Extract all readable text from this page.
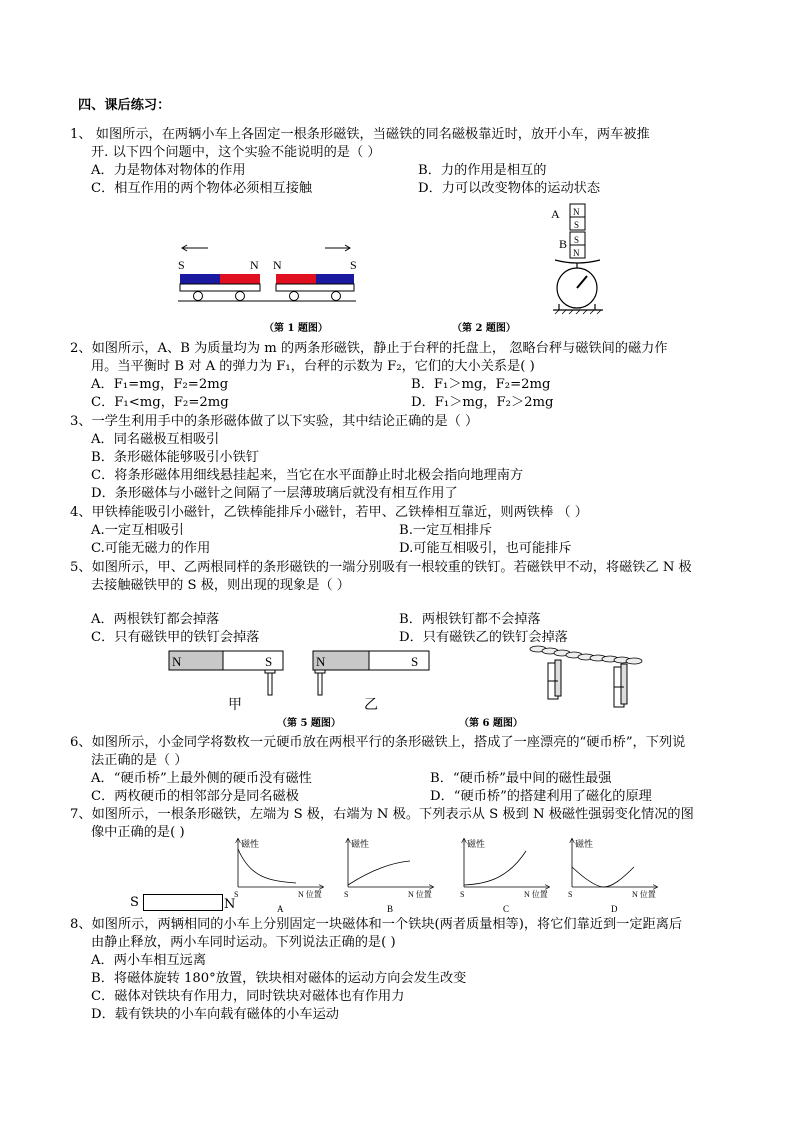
四、课后练习：
1、 如图所示，在两辆小车上各固定一根条形磁铁，当磁铁的同名磁极靠近时，放开小车，两车被推
开. 以下四个问题中，这个实验不能说明的是（ ）
A．力是物体对物体的作用	B．力的作用是相互的
C．相互作用的两个物体必须相互接触	D．力可以改变物体的运动状态
S	N N	S
（第 1 题图）
A
B
N
S
S
N
（第 2 题图）
2、如图所示，A、B 为质量均为 m 的两条形磁铁，静止于台秤的托盘上， 忽略台秤与磁铁间的磁力作
用。当平衡时 B 对 A 的弹力为 F₁，台秤的示数为 F₂，它们的大小关系是( )
A．F₁=mg，F₂=2mg	B．F₁＞mg，F₂=2mg
C．F₁<mg，F₂=2mg	D．F₁＞mg，F₂＞2mg
3、一学生利用手中的条形磁体做了以下实验，其中结论正确的是（ ）
A．同名磁极互相吸引
B．条形磁体能够吸引小铁钉
C．将条形磁体用细线悬挂起来，当它在水平面静止时北极会指向地理南方
D．条形磁体与小磁针之间隔了一层薄玻璃后就没有相互作用了
4、甲铁棒能吸引小磁针，乙铁棒能排斥小磁针，若甲、乙铁棒相互靠近，则两铁棒 （ ）
A.一定互相吸引	B.一定互相排斥
C.可能无磁力的作用	D.可能互相吸引，也可能排斥
5、如图所示，甲、乙两根同样的条形磁铁的一端分别吸有一根较重的铁钉。若磁铁甲不动，将磁铁乙 N 极
去接触磁铁甲的 S 极，则出现的现象是（ ）
A．两根铁钉都会掉落	B．两根铁钉都不会掉落
C．只有磁铁甲的铁钉会掉落	D．只有磁铁乙的铁钉会掉落
N	S	N	S
甲	乙
（第 5 题图）	（第 6 题图）
6、如图所示，小金同学将数枚一元硬币放在两根平行的条形磁铁上，搭成了一座漂亮的“硬币桥”，下列说
法正确的是（ ）
A．“硬币桥”上最外侧的硬币没有磁性	B．“硬币桥”最中间的磁性最强
C．两枚硬币的相邻部分是同名磁极	D．“硬币桥”的搭建利用了磁化的原理
7、如图所示，一根条形磁铁，左端为 S 极，右端为 N 极。下列表示从 S 极到 N 极磁性强弱变化情况的图
像中正确的是( )
S	N
磁性
S	N 位置
A
磁性
S	N 位置
B
磁性
S	N 位置
C
磁性
S	N 位置
D
8、如图所示，两辆相同的小车上分别固定一块磁体和一个铁块(两者质量相等)，将它们靠近到一定距离后
由静止释放，两小车同时运动。下列说法正确的是( )
A．两小车相互远离
B．将磁体旋转 180°放置，铁块相对磁体的运动方向会发生改变
C．磁体对铁块有作用力，同时铁块对磁体也有作用力
D．载有铁块的小车向载有磁体的小车运动
